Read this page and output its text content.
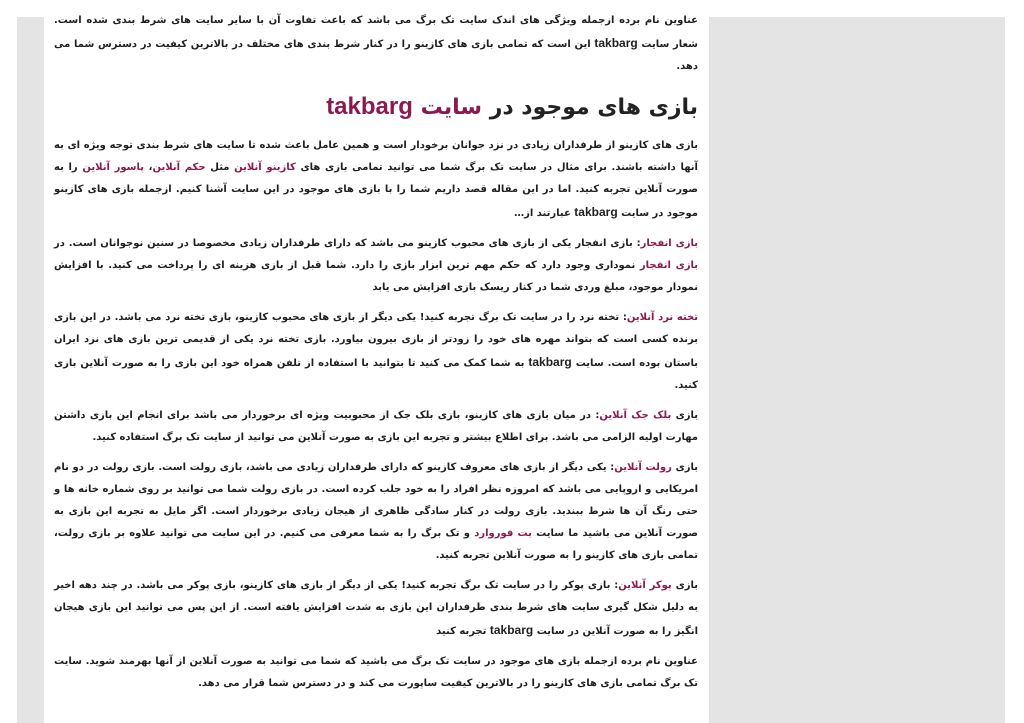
عناوین نام برده ازجمله ویژگی های اندک سایت تک برگ می باشد که باعث تفاوت آن با سایر سایت های شرط بندی شده است. شعار سایت takbarg این است که تمامی بازی های کازینو را در کنار شرط بندی های مختلف در بالاترین کیفیت در دسترس شما می دهد.

بازی های موجود در سایت takbarg

بازی های کازینو از طرفداران زیادی در نزد جوانان برخودار است و همین عامل باعث شده تا سایت های شرط بندی توجه ویژه ای به آنها داشته باشند. برای مثال در سایت تک برگ شما می توانید تمامی بازی های کازینو آنلاین مثل حکم آنلاین، پاسور آنلاین را به صورت آنلاین تجربه کنید. اما در این مقاله قصد داریم شما را با بازی های موجود در این سایت آشنا کنیم. ازجمله بازی های کازینو موجود در سایت takbarg عبارتند از…

بازی انفجار: بازی انفجار یکی از بازی های محبوب کازینو می باشد که دارای طرفداران زیادی مخصوصا در سنین نوجوانان است. در بازی انفجار نموداری وجود دارد که حکم مهم ترین ابزار بازی را دارد. شما قبل از بازی هزینه ای را پرداخت می کنید. با افزایش نمودار موجود، مبلغ وردی شما در کنار ریسک بازی افزایش می یابد

تخته نرد آنلاین: تخته نرد را در سایت تک برگ تجربه کنید! یکی دیگر از بازی های محبوب کازینو، بازی تخته نرد می باشد. در این بازی برنده کسی است که بتواند مهره های خود را زودتر از بازی بیرون بیاورد. بازی تخته نرد یکی از قدیمی ترین بازی های نزد ایران باستان بوده است. سایت takbarg به شما کمک می کنید تا بتوانید با استفاده از تلفن همراه خود این بازی را به صورت آنلاین بازی کنید.

بازی بلک جک آنلاین: در میان بازی های کازینو، بازی بلک جک از محبوبیت ویژه ای برخوردار می باشد برای انجام این بازی داشتن مهارت اولیه الزامی می باشد. برای اطلاع بیشتر و تجربه این بازی به صورت آنلاین می توانید از سایت تک برگ استفاده کنید.

بازی رولت آنلاین: یکی دیگر از بازی های معروف کازینو که دارای طرفداران زیادی می باشد، بازی رولت است. بازی رولت در دو نام امریکایی و اروپایی می باشد که امروزه نظر افراد را به خود جلب کرده است. در بازی رولت شما می توانید بر روی شماره خانه ها و حتی رنگ آن ها شرط ببندید. بازی رولت در کنار سادگی ظاهری از هیجان زیادی برخوردار است. اگر مایل به تجربه این بازی به صورت آنلاین می باشید ما سایت بت فوروارد و تک برگ را به شما معرفی می کنیم. در این سایت می توانید علاوه بر بازی رولت، تمامی بازی های کازینو را به صورت آنلاین تجربه کنید.

بازی پوکر آنلاین: بازی پوکر را در سایت تک برگ تجربه کنید! یکی از دیگر از بازی های کازینو، بازی پوکر می باشد. در چند دهه اخیر به دلیل شکل گیری سایت های شرط بندی طرفداران این بازی به شدت افزایش یافته است. از این پس می توانید این بازی هیجان انگیز را به صورت آنلاین در سایت takbarg تجربه کنید

عناوین نام برده ازجمله بازی های موجود در سایت تک برگ می باشید که شما می توانید به صورت آنلاین از آنها بهرمند شوید. سایت تک برگ تمامی بازی های کازینو را در بالاترین کیفیت ساپورت می کند و در دسترس شما قرار می دهد.
